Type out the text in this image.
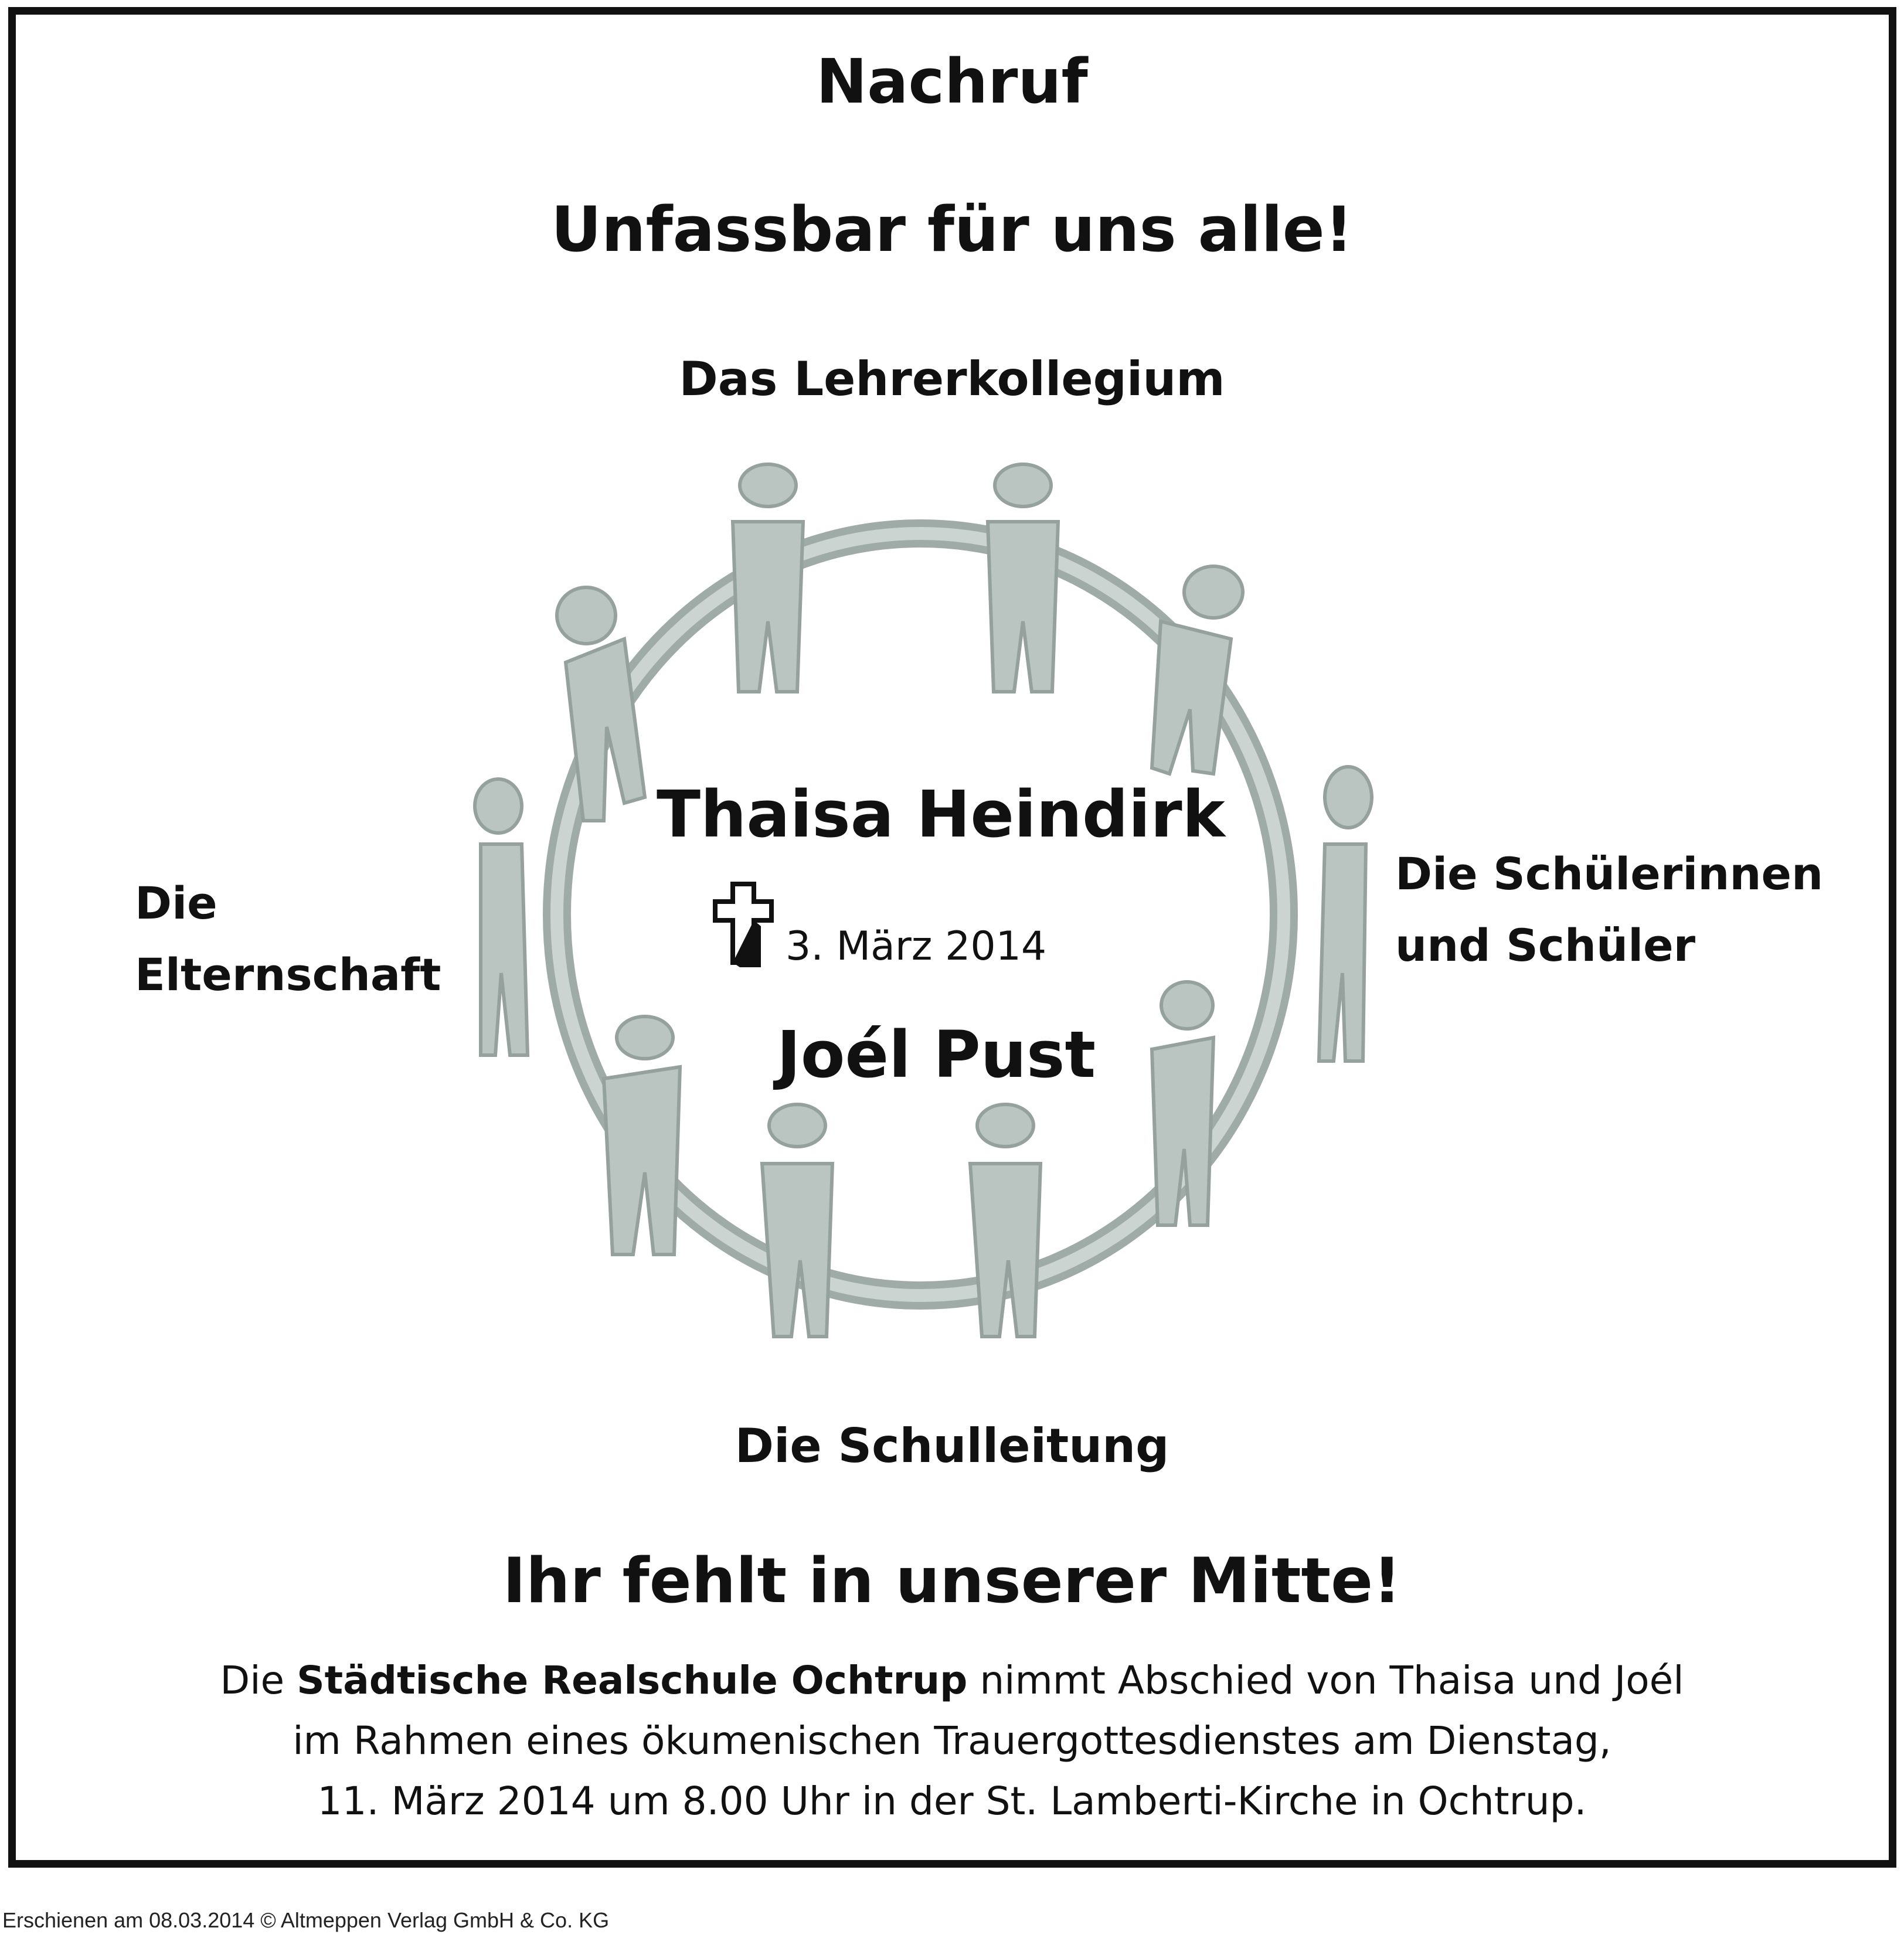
Nachruf
Unfassbar für uns alle!
Das Lehrerkollegium
Thaisa Heindirk
3. März 2014
Joél Pust
Die
Elternschaft
Die Schülerinnen
und Schüler
Die Schulleitung
Ihr fehlt in unserer Mitte!
Die Städtische Realschule Ochtrup nimmt Abschied von Thaisa und Joél
im Rahmen eines ökumenischen Trauergottesdienstes am Dienstag,
11. März 2014 um 8.00 Uhr in der St. Lamberti-Kirche in Ochtrup.
Erschienen am 08.03.2014 © Altmeppen Verlag GmbH & Co. KG
